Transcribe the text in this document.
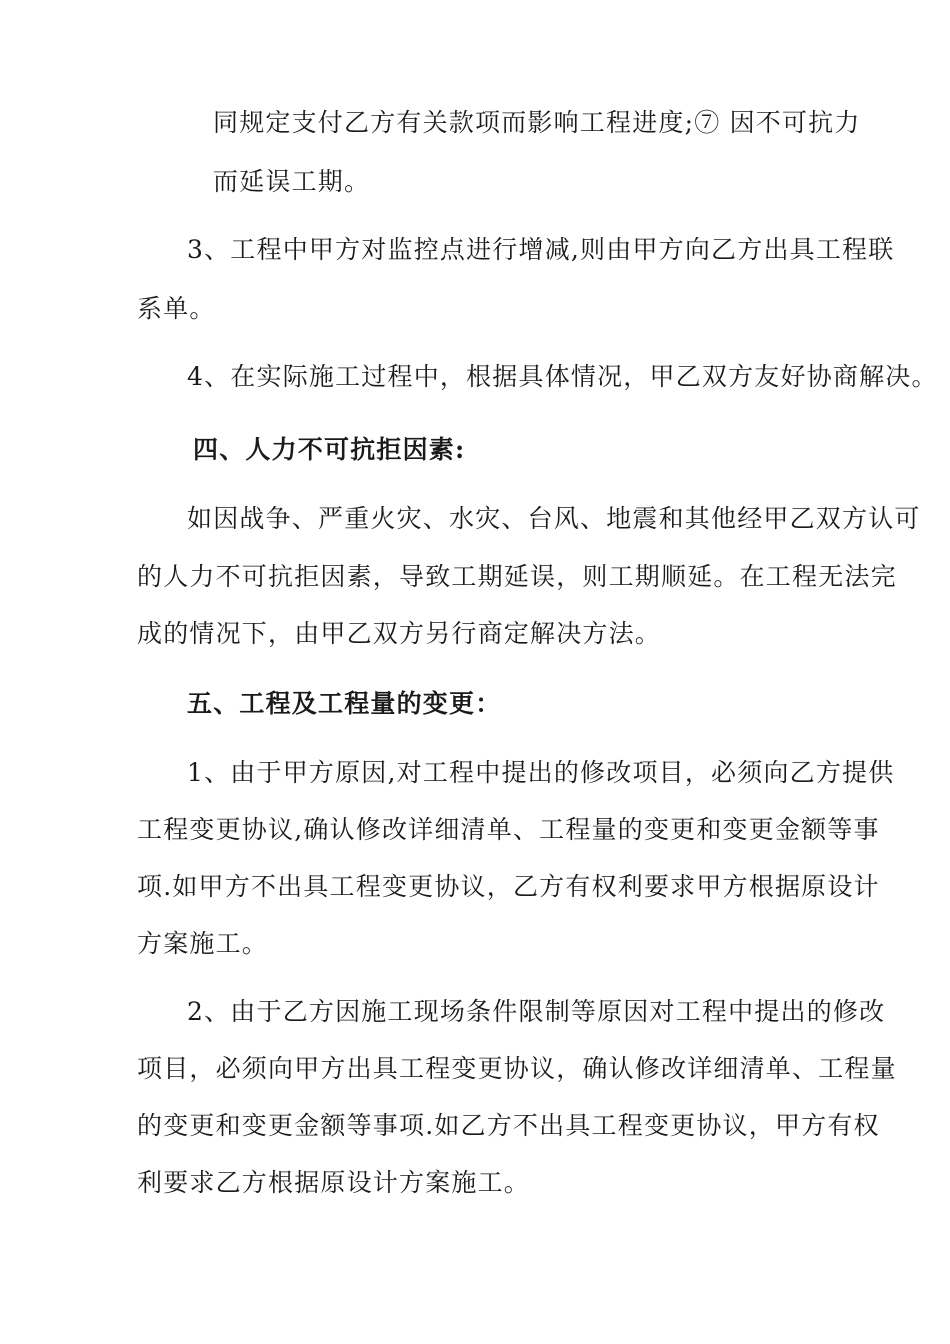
同规定支付乙方有关款项而影响工程进度;⑦ 因不可抗力
而延误工期。
3、工程中甲方对监控点进行增减,则由甲方向乙方出具工程联
系单。
4、在实际施工过程中，根据具体情况，甲乙双方友好协商解决。
四、人力不可抗拒因素:
如因战争、严重火灾、水灾、台风、地震和其他经甲乙双方认可
的人力不可抗拒因素，导致工期延误，则工期顺延。在工程无法完
成的情况下，由甲乙双方另行商定解决方法。
五、工程及工程量的变更：
1、由于甲方原因,对工程中提出的修改项目，必须向乙方提供
工程变更协议,确认修改详细清单、工程量的变更和变更金额等事
项.如甲方不出具工程变更协议，乙方有权利要求甲方根据原设计
方案施工。
2、由于乙方因施工现场条件限制等原因对工程中提出的修改
项目，必须向甲方出具工程变更协议，确认修改详细清单、工程量
的变更和变更金额等事项.如乙方不出具工程变更协议，甲方有权
利要求乙方根据原设计方案施工。
